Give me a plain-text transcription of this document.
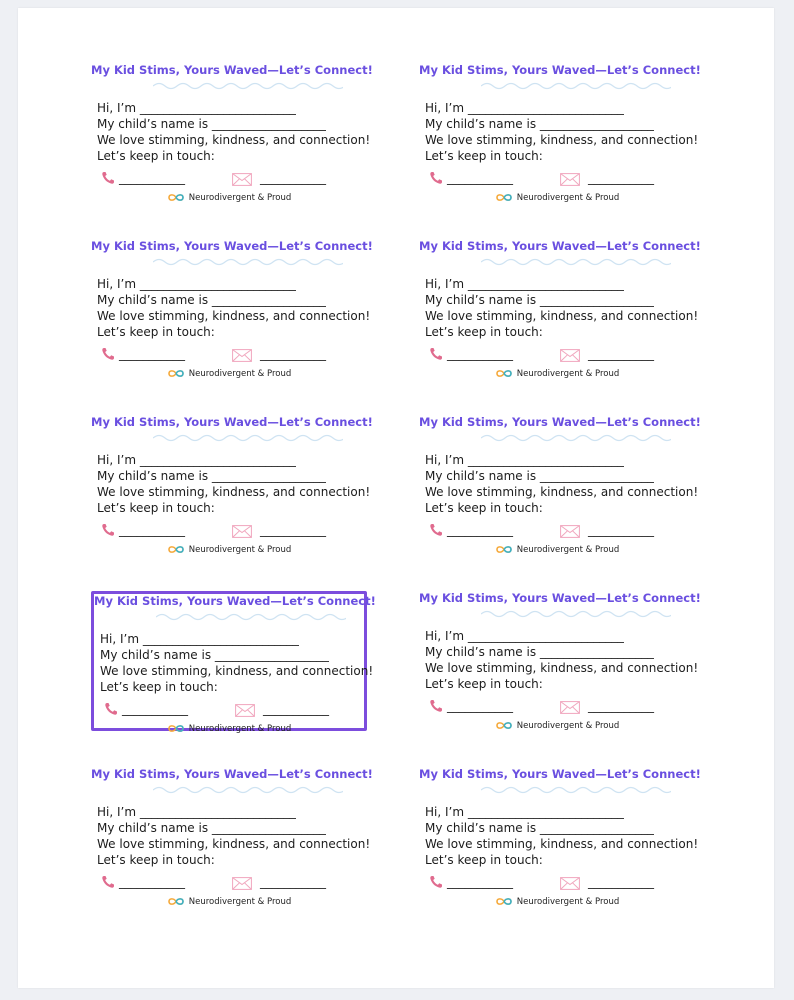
My Kid Stims, Yours Waved—Let’s Connect!
Hi, I’m __________________________
My child’s name is ___________________
We love stimming, kindness, and connection!
Let’s keep in touch:
___________	___________
Neurodivergent & Proud
My Kid Stims, Yours Waved—Let’s Connect!
Hi, I’m __________________________
My child’s name is ___________________
We love stimming, kindness, and connection!
Let’s keep in touch:
___________	___________
Neurodivergent & Proud
My Kid Stims, Yours Waved—Let’s Connect!
Hi, I’m __________________________
My child’s name is ___________________
We love stimming, kindness, and connection!
Let’s keep in touch:
___________	___________
Neurodivergent & Proud
My Kid Stims, Yours Waved—Let’s Connect!
Hi, I’m __________________________
My child’s name is ___________________
We love stimming, kindness, and connection!
Let’s keep in touch:
___________	___________
Neurodivergent & Proud
My Kid Stims, Yours Waved—Let’s Connect!
Hi, I’m __________________________
My child’s name is ___________________
We love stimming, kindness, and connection!
Let’s keep in touch:
___________	___________
Neurodivergent & Proud
My Kid Stims, Yours Waved—Let’s Connect!
Hi, I’m __________________________
My child’s name is ___________________
We love stimming, kindness, and connection!
Let’s keep in touch:
___________	___________
Neurodivergent & Proud
My Kid Stims, Yours Waved—Let’s Connect!
Hi, I’m __________________________
My child’s name is ___________________
We love stimming, kindness, and connection!
Let’s keep in touch:
___________	___________
Neurodivergent & Proud
My Kid Stims, Yours Waved—Let’s Connect!
Hi, I’m __________________________
My child’s name is ___________________
We love stimming, kindness, and connection!
Let’s keep in touch:
___________	___________
Neurodivergent & Proud
My Kid Stims, Yours Waved—Let’s Connect!
Hi, I’m __________________________
My child’s name is ___________________
We love stimming, kindness, and connection!
Let’s keep in touch:
___________	___________
Neurodivergent & Proud
My Kid Stims, Yours Waved—Let’s Connect!
Hi, I’m __________________________
My child’s name is ___________________
We love stimming, kindness, and connection!
Let’s keep in touch:
___________	___________
Neurodivergent & Proud
